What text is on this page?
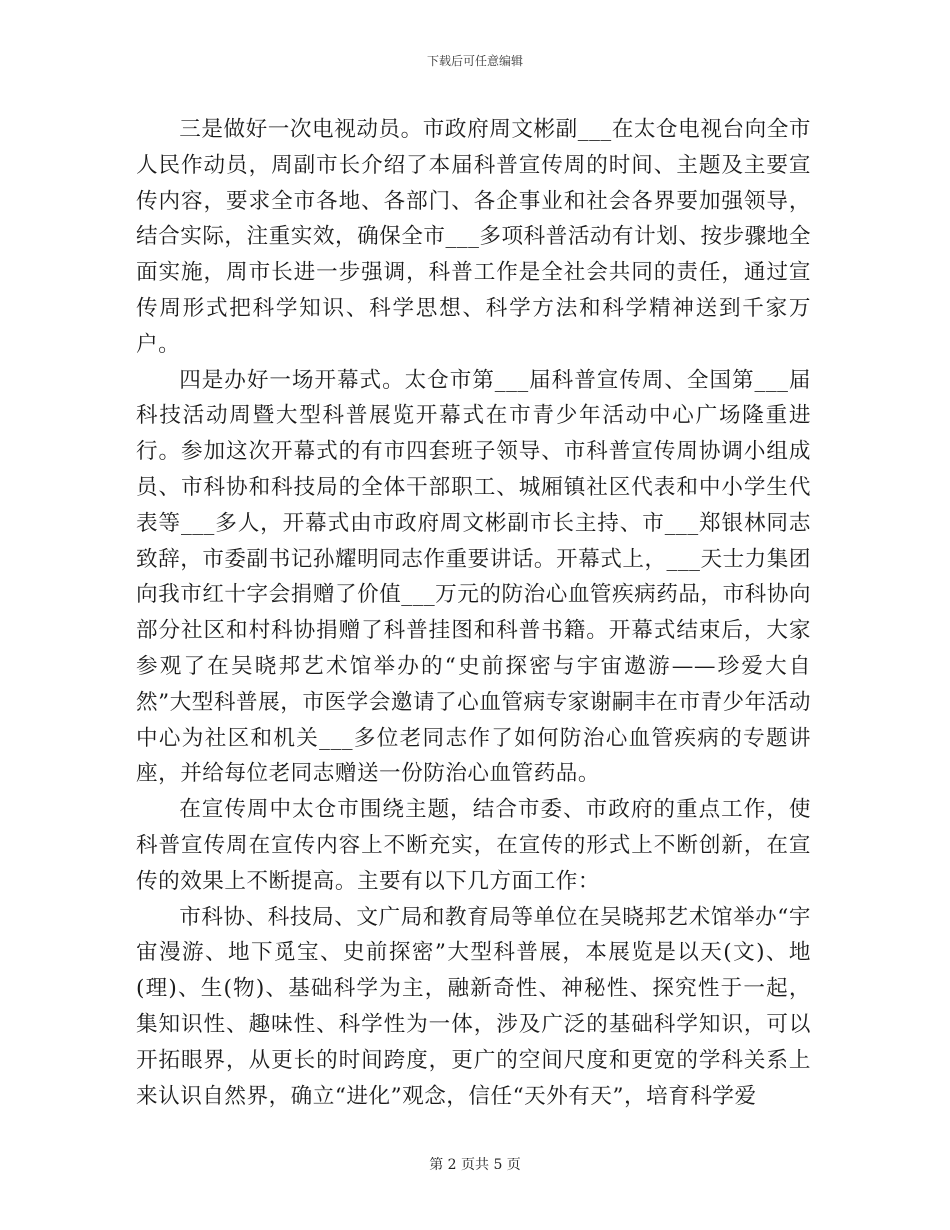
下载后可任意编辑

三是做好一次电视动员。市政府周文彬副___在太仓电视台向全市人民作动员，周副市长介绍了本届科普宣传周的时间、主题及主要宣传内容，要求全市各地、各部门、各企事业和社会各界要加强领导，结合实际，注重实效，确保全市___多项科普活动有计划、按步骤地全面实施，周市长进一步强调，科普工作是全社会共同的责任，通过宣传周形式把科学知识、科学思想、科学方法和科学精神送到千家万户。

四是办好一场开幕式。太仓市第___届科普宣传周、全国第___届科技活动周暨大型科普展览开幕式在市青少年活动中心广场隆重进行。参加这次开幕式的有市四套班子领导、市科普宣传周协调小组成员、市科协和科技局的全体干部职工、城厢镇社区代表和中小学生代表等___多人，开幕式由市政府周文彬副市长主持、市___郑银林同志致辞，市委副书记孙耀明同志作重要讲话。开幕式上，___天士力集团向我市红十字会捐赠了价值___万元的防治心血管疾病药品，市科协向部分社区和村科协捐赠了科普挂图和科普书籍。开幕式结束后，大家参观了在吴晓邦艺术馆举办的“史前探密与宇宙遨游——珍爱大自然”大型科普展，市医学会邀请了心血管病专家谢嗣丰在市青少年活动中心为社区和机关___多位老同志作了如何防治心血管疾病的专题讲座，并给每位老同志赠送一份防治心血管药品。

在宣传周中太仓市围绕主题，结合市委、市政府的重点工作，使科普宣传周在宣传内容上不断充实，在宣传的形式上不断创新，在宣传的效果上不断提高。主要有以下几方面工作：

市科协、科技局、文广局和教育局等单位在吴晓邦艺术馆举办“宇宙漫游、地下觅宝、史前探密”大型科普展，本展览是以天(文)、地(理)、生(物)、基础科学为主，融新奇性、神秘性、探究性于一起，集知识性、趣味性、科学性为一体，涉及广泛的基础科学知识，可以开拓眼界，从更长的时间跨度，更广的空间尺度和更宽的学科关系上来认识自然界，确立“进化”观念，信任“天外有天”，培育科学爱

第 2 页共 5 页
